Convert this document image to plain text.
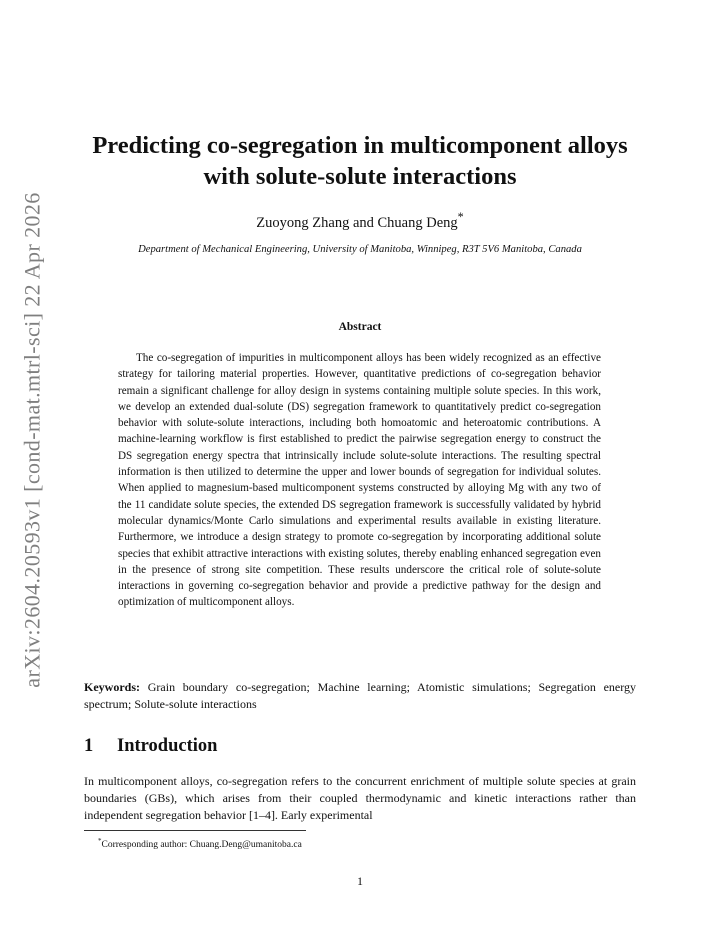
arXiv:2604.20593v1 [cond-mat.mtrl-sci] 22 Apr 2026
Predicting co-segregation in multicomponent alloys with solute-solute interactions
Zuoyong Zhang and Chuang Deng*
Department of Mechanical Engineering, University of Manitoba, Winnipeg, R3T 5V6 Manitoba, Canada
Abstract

The co-segregation of impurities in multicomponent alloys has been widely recognized as an effective strategy for tailoring material properties. However, quantitative predictions of co-segregation behavior remain a significant challenge for alloy design in systems containing multiple solute species. In this work, we develop an extended dual-solute (DS) segregation framework to quantitatively predict co-segregation behavior with solute-solute interactions, including both homoatomic and heteroatomic contributions. A machine-learning workflow is first established to predict the pairwise segregation energy to construct the DS segregation energy spectra that intrinsically include solute-solute interactions. The resulting spectral information is then utilized to determine the upper and lower bounds of segregation for individual solutes. When applied to magnesium-based multicomponent systems constructed by alloying Mg with any two of the 11 candidate solute species, the extended DS segregation framework is successfully validated by hybrid molecular dynamics/Monte Carlo simulations and experimental results available in existing literature. Furthermore, we introduce a design strategy to promote co-segregation by incorporating additional solute species that exhibit attractive interactions with existing solutes, thereby enabling enhanced segregation even in the presence of strong site competition. These results underscore the critical role of solute-solute interactions in governing co-segregation behavior and provide a predictive pathway for the design and optimization of multicomponent alloys.

Keywords: Grain boundary co-segregation; Machine learning; Atomistic simulations; Segregation energy spectrum; Solute-solute interactions

1 Introduction

In multicomponent alloys, co-segregation refers to the concurrent enrichment of multiple solute species at grain boundaries (GBs), which arises from their coupled thermodynamic and kinetic interactions rather than independent segregation behavior [1–4]. Early experimental

*Corresponding author: Chuang.Deng@umanitoba.ca
1
